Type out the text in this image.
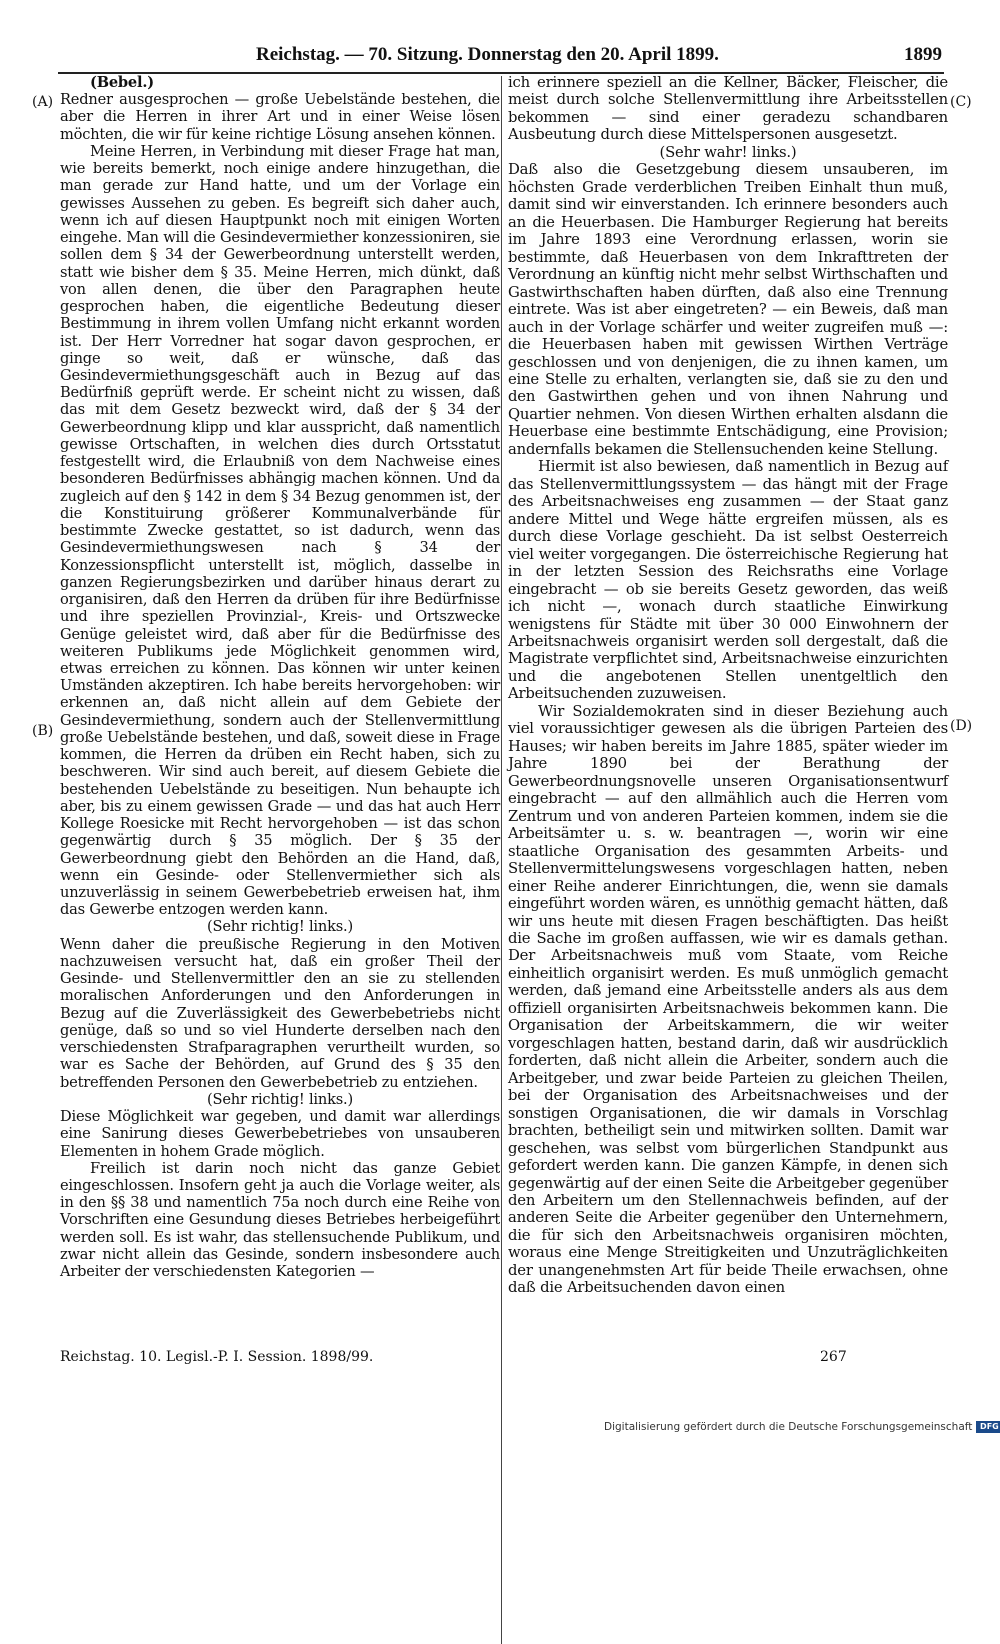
Reichstag. — 70. Sitzung. Donnerstag den 20. April 1899.	1899
(A)
(B)
(C)
(D)

(Bebel.)

Redner ausgesprochen — große Uebelstände bestehen, die aber die Herren in ihrer Art und in einer Weise lösen möchten, die wir für keine richtige Lösung ansehen können.

Meine Herren, in Verbindung mit dieser Frage hat man, wie bereits bemerkt, noch einige andere hinzugethan, die man gerade zur Hand hatte, und um der Vorlage ein gewisses Aussehen zu geben. Es begreift sich daher auch, wenn ich auf diesen Hauptpunkt noch mit einigen Worten eingehe. Man will die Gesindevermiether konzessioniren, sie sollen dem § 34 der Gewerbeordnung unterstellt werden, statt wie bisher dem § 35. Meine Herren, mich dünkt, daß von allen denen, die über den Paragraphen heute gesprochen haben, die eigentliche Bedeutung dieser Bestimmung in ihrem vollen Umfang nicht erkannt worden ist. Der Herr Vorredner hat sogar davon gesprochen, er ginge so weit, daß er wünsche, daß das Gesindevermiethungsgeschäft auch in Bezug auf das Bedürfniß geprüft werde. Er scheint nicht zu wissen, daß das mit dem Gesetz bezweckt wird, daß der § 34 der Gewerbeordnung klipp und klar ausspricht, daß namentlich gewisse Ortschaften, in welchen dies durch Ortsstatut festgestellt wird, die Erlaubniß von dem Nachweise eines besonderen Bedürfnisses abhängig machen können. Und da zugleich auf den § 142 in dem § 34 Bezug genommen ist, der die Konstituirung größerer Kommunalverbände für bestimmte Zwecke gestattet, so ist dadurch, wenn das Gesindevermiethungswesen nach § 34 der Konzessionspflicht unterstellt ist, möglich, dasselbe in ganzen Regierungsbezirken und darüber hinaus derart zu organisiren, daß den Herren da drüben für ihre Bedürfnisse und ihre speziellen Provinzial-, Kreis- und Ortszwecke Genüge geleistet wird, daß aber für die Bedürfnisse des weiteren Publikums jede Möglichkeit genommen wird, etwas erreichen zu können. Das können wir unter keinen Umständen akzeptiren. Ich habe bereits hervorgehoben: wir erkennen an, daß nicht allein auf dem Gebiete der Gesindevermiethung, sondern auch der Stellenvermittlung große Uebelstände bestehen, und daß, soweit diese in Frage kommen, die Herren da drüben ein Recht haben, sich zu beschweren. Wir sind auch bereit, auf diesem Gebiete die bestehenden Uebelstände zu beseitigen. Nun behaupte ich aber, bis zu einem gewissen Grade — und das hat auch Herr Kollege Roesicke mit Recht hervorgehoben — ist das schon gegenwärtig durch § 35 möglich. Der § 35 der Gewerbeordnung giebt den Behörden an die Hand, daß, wenn ein Gesinde- oder Stellenvermiether sich als unzuverlässig in seinem Gewerbebetrieb erweisen hat, ihm das Gewerbe entzogen werden kann.

(Sehr richtig! links.)

Wenn daher die preußische Regierung in den Motiven nachzuweisen versucht hat, daß ein großer Theil der Gesinde- und Stellenvermittler den an sie zu stellenden moralischen Anforderungen und den Anforderungen in Bezug auf die Zuverlässigkeit des Gewerbebetriebs nicht genüge, daß so und so viel Hunderte derselben nach den verschiedensten Strafparagraphen verurtheilt wurden, so war es Sache der Behörden, auf Grund des § 35 den betreffenden Personen den Gewerbebetrieb zu entziehen.

(Sehr richtig! links.)

Diese Möglichkeit war gegeben, und damit war allerdings eine Sanirung dieses Gewerbebetriebes von unsauberen Elementen in hohem Grade möglich.

Freilich ist darin noch nicht das ganze Gebiet eingeschlossen. Insofern geht ja auch die Vorlage weiter, als in den §§ 38 und namentlich 75a noch durch eine Reihe von Vorschriften eine Gesundung dieses Betriebes herbeigeführt werden soll. Es ist wahr, das stellensuchende Publikum, und zwar nicht allein das Gesinde, sondern insbesondere auch Arbeiter der verschiedensten Kategorien —

ich erinnere speziell an die Kellner, Bäcker, Fleischer, die meist durch solche Stellenvermittlung ihre Arbeitsstellen bekommen — sind einer geradezu schandbaren Ausbeutung durch diese Mittelspersonen ausgesetzt.

(Sehr wahr! links.)

Daß also die Gesetzgebung diesem unsauberen, im höchsten Grade verderblichen Treiben Einhalt thun muß, damit sind wir einverstanden. Ich erinnere besonders auch an die Heuerbasen. Die Hamburger Regierung hat bereits im Jahre 1893 eine Verordnung erlassen, worin sie bestimmte, daß Heuerbasen von dem Inkrafttreten der Verordnung an künftig nicht mehr selbst Wirthschaften und Gastwirthschaften haben dürften, daß also eine Trennung eintrete. Was ist aber eingetreten? — ein Beweis, daß man auch in der Vorlage schärfer und weiter zugreifen muß —: die Heuerbasen haben mit gewissen Wirthen Verträge geschlossen und von denjenigen, die zu ihnen kamen, um eine Stelle zu erhalten, verlangten sie, daß sie zu den und den Gastwirthen gehen und von ihnen Nahrung und Quartier nehmen. Von diesen Wirthen erhalten alsdann die Heuerbase eine bestimmte Entschädigung, eine Provision; andernfalls bekamen die Stellensuchenden keine Stellung.

Hiermit ist also bewiesen, daß namentlich in Bezug auf das Stellenvermittlungssystem — das hängt mit der Frage des Arbeitsnachweises eng zusammen — der Staat ganz andere Mittel und Wege hätte ergreifen müssen, als es durch diese Vorlage geschieht. Da ist selbst Oesterreich viel weiter vorgegangen. Die österreichische Regierung hat in der letzten Session des Reichsraths eine Vorlage eingebracht — ob sie bereits Gesetz geworden, das weiß ich nicht —, wonach durch staatliche Einwirkung wenigstens für Städte mit über 30 000 Einwohnern der Arbeitsnachweis organisirt werden soll dergestalt, daß die Magistrate verpflichtet sind, Arbeitsnachweise einzurichten und die angebotenen Stellen unentgeltlich den Arbeitsuchenden zuzuweisen.

Wir Sozialdemokraten sind in dieser Beziehung auch viel voraussichtiger gewesen als die übrigen Parteien des Hauses; wir haben bereits im Jahre 1885, später wieder im Jahre 1890 bei der Berathung der Gewerbeordnungsnovelle unseren Organisationsentwurf eingebracht — auf den allmählich auch die Herren vom Zentrum und von anderen Parteien kommen, indem sie die Arbeitsämter u. s. w. beantragen —, worin wir eine staatliche Organisation des gesammten Arbeits- und Stellenvermittelungswesens vorgeschlagen hatten, neben einer Reihe anderer Einrichtungen, die, wenn sie damals eingeführt worden wären, es unnöthig gemacht hätten, daß wir uns heute mit diesen Fragen beschäftigten. Das heißt die Sache im großen auffassen, wie wir es damals gethan. Der Arbeitsnachweis muß vom Staate, vom Reiche einheitlich organisirt werden. Es muß unmöglich gemacht werden, daß jemand eine Arbeitsstelle anders als aus dem offiziell organisirten Arbeitsnachweis bekommen kann. Die Organisation der Arbeitskammern, die wir weiter vorgeschlagen hatten, bestand darin, daß wir ausdrücklich forderten, daß nicht allein die Arbeiter, sondern auch die Arbeitgeber, und zwar beide Parteien zu gleichen Theilen, bei der Organisation des Arbeitsnachweises und der sonstigen Organisationen, die wir damals in Vorschlag brachten, betheiligt sein und mitwirken sollten. Damit war geschehen, was selbst vom bürgerlichen Standpunkt aus gefordert werden kann. Die ganzen Kämpfe, in denen sich gegenwärtig auf der einen Seite die Arbeitgeber gegenüber den Arbeitern um den Stellennachweis befinden, auf der anderen Seite die Arbeiter gegenüber den Unternehmern, die für sich den Arbeitsnachweis organisiren möchten, woraus eine Menge Streitigkeiten und Unzuträglichkeiten der unangenehmsten Art für beide Theile erwachsen, ohne daß die Arbeitsuchenden davon einen

Reichstag. 10. Legisl.-P. I. Session. 1898/99.	267
Digitalisierung gefördert durch die Deutsche Forschungsgemeinschaft DFG
